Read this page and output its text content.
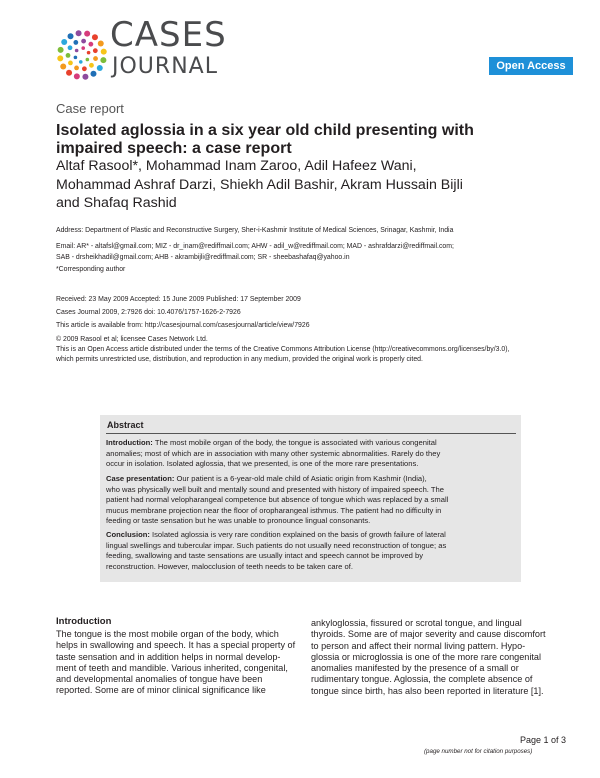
CASES
JOURNAL	Open Access
Case report
Isolated aglossia in a six year old child presenting with impaired speech: a case report
Altaf Rasool*, Mohammad Inam Zaroo, Adil Hafeez Wani,
Mohammad Ashraf Darzi, Shiekh Adil Bashir, Akram Hussain Bijli
and Shafaq Rashid
Address: Department of Plastic and Reconstructive Surgery, Sher-i-Kashmir Institute of Medical Sciences, Srinagar, Kashmir, India
Email: AR* - altafsl@gmail.com; MIZ - dr_inam@rediffmail.com; AHW - adil_w@rediffmail.com; MAD - ashrafdarzi@rediffmail.com;
SAB - drsheikhadil@gmail.com; AHB - akrambijli@rediffmail.com; SR - sheebashafaq@yahoo.in
*Corresponding author
Received: 23 May 2009 Accepted: 15 June 2009 Published: 17 September 2009
Cases Journal 2009, 2:7926 doi: 10.4076/1757-1626-2-7926
This article is available from: http://casesjournal.com/casesjournal/article/view/7926
© 2009 Rasool et al; licensee Cases Network Ltd.
This is an Open Access article distributed under the terms of the Creative Commons Attribution License (http://creativecommons.org/licenses/by/3.0),
which permits unrestricted use, distribution, and reproduction in any medium, provided the original work is properly cited.
Abstract
Introduction: The most mobile organ of the body, the tongue is associated with various congenital
anomalies; most of which are in association with many other systemic abnormalities. Rarely do they
occur in isolation. Isolated aglossia, that we presented, is one of the more rare presentations.
Case presentation: Our patient is a 6-year-old male child of Asiatic origin from Kashmir (India),
who was physically well built and mentally sound and presented with history of impaired speech. The
patient had normal velopharangeal competence but absence of tongue which was replaced by a small
mucus membrane projection near the floor of oropharangeal isthmus. The patient had no difficulty in
feeding or taste sensation but he was unable to pronounce lingual consonants.
Conclusion: Isolated aglossia is very rare condition explained on the basis of growth failure of lateral
lingual swellings and tubercular impar. Such patients do not usually need reconstruction of tongue; as
feeding, swallowing and taste sensations are usually intact and speech cannot be improved by
reconstruction. However, malocclusion of teeth needs to be taken care of.
Introduction
The tongue is the most mobile organ of the body, which
helps in swallowing and speech. It has a special property of
taste sensation and in addition helps in normal develop-
ment of teeth and mandible. Various inherited, congenital,
and developmental anomalies of tongue have been
reported. Some are of minor clinical significance like
ankyloglossia, fissured or scrotal tongue, and lingual
thyroids. Some are of major severity and cause discomfort
to person and affect their normal living pattern. Hypo-
glossia or microglossia is one of the more rare congenital
anomalies manifested by the presence of a small or
rudimentary tongue. Aglossia, the complete absence of
tongue since birth, has also been reported in literature [1].
Page 1 of 3
(page number not for citation purposes)
